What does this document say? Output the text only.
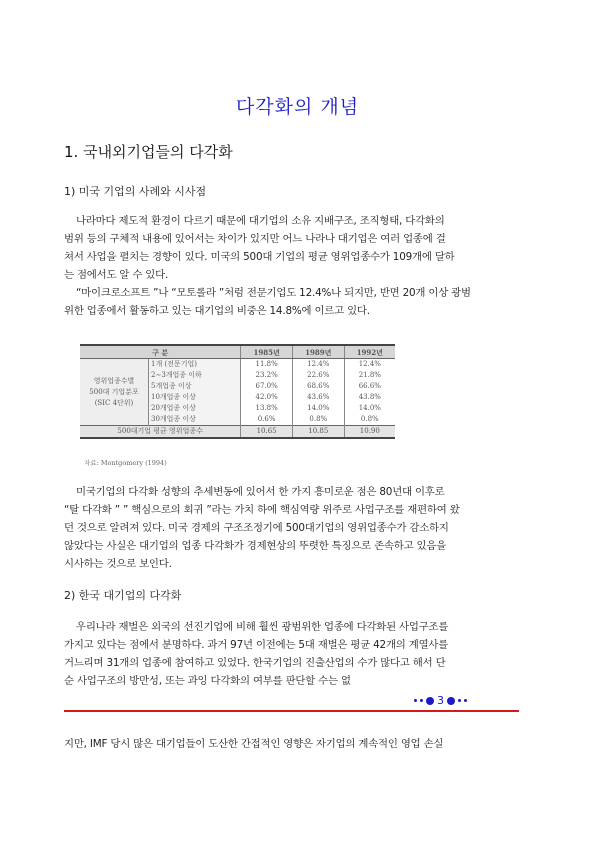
다각화의 개념
1. 국내외기업들의 다각화
1) 미국 기업의 사례와 시사점
나라마다 제도적 환경이 다르기 때문에 대기업의 소유 지배구조, 조직형태, 다각화의
범위 등의 구체적 내용에 있어서는 차이가 있지만 어느 나라나 대기업은 여러 업종에 걸
쳐서 사업을 펼치는 경향이 있다. 미국의 500대 기업의 평균 영위업종수가 109개에 달하
는 점에서도 알 수 있다.
“마이크로소프트 ”나 “모토롤라 ”처럼 전문기업도 12.4%나 되지만, 반면 20개 이상 광범
위한 업종에서 활동하고 있는 대기업의 비중은 14.8%에 이르고 있다.
구 분		1985년	1989년	1992년

영위업종수별
500대 기업분포
(SIC 4단위)	1개 (전문기업)	11.8%	12.4%	12.4%
	2∼3개업종 이하	23.2%	22.6%	21.8%
	5개업종 이상	67.0%	68.6%	66.6%
	10개업종 이상	42.0%	43.6%	43.8%
	20개업종 이상	13.8%	14.0%	14.0%
	30개업종 이상	0.6%	0.8%	0.8%
500대기업 평균 영위업종수		10.65	10.85	10.90
자료: Montgomery (1994)
미국기업의 다각화 성향의 추세변동에 있어서 한 가지 흥미로운 점은 80년대 이후로
“탈 다각화 ” ” 핵심으로의 회귀 ”라는 가치 하에 핵심역량 위주로 사업구조를 재편하여 왔
던 것으로 알려져 있다. 미국 경제의 구조조정기에 500대기업의 영위업종수가 감소하지
않았다는 사실은 대기업의 업종 다각화가 경제현상의 뚜렷한 특징으로 존속하고 있음을
시사하는 것으로 보인다.
2) 한국 대기업의 다각화
우리나라 재벌은 외국의 선진기업에 비해 훨씬 광범위한 업종에 다각화된 사업구조를
가지고 있다는 점에서 분명하다. 과거 97년 이전에는 5대 재벌은 평균 42개의 계열사를
거느리며 31개의 업종에 참여하고 있었다. 한국기업의 진출산업의 수가 많다고 해서 단
순 사업구조의 방만성, 또는 과잉 다각화의 여부를 판단할 수는 없
3
지만, IMF 당시 많은 대기업들이 도산한 간접적인 영향은 자기업의 계속적인 영업 손실
